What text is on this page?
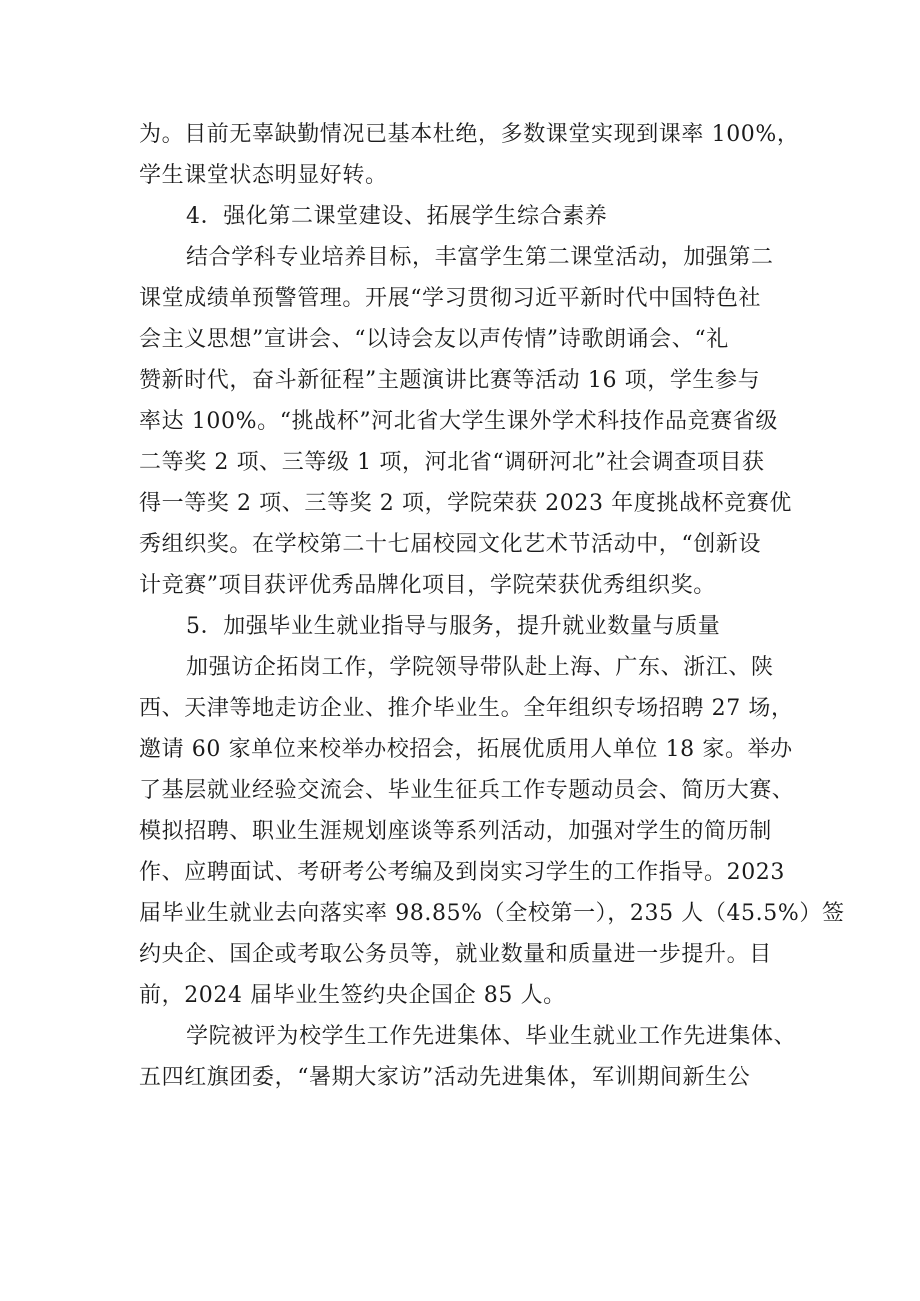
为。目前无辜缺勤情况已基本杜绝，多数课堂实现到课率 100%，
学生课堂状态明显好转。
4．强化第二课堂建设、拓展学生综合素养
结合学科专业培养目标，丰富学生第二课堂活动，加强第二
课堂成绩单预警管理。开展“学习贯彻习近平新时代中国特色社
会主义思想”宣讲会、“以诗会友以声传情”诗歌朗诵会、“礼
赞新时代，奋斗新征程”主题演讲比赛等活动 16 项，学生参与
率达 100%。“挑战杯”河北省大学生课外学术科技作品竞赛省级
二等奖 2 项、三等级 1 项，河北省“调研河北”社会调查项目获
得一等奖 2 项、三等奖 2 项，学院荣获 2023 年度挑战杯竞赛优
秀组织奖。在学校第二十七届校园文化艺术节活动中，“创新设
计竞赛”项目获评优秀品牌化项目，学院荣获优秀组织奖。
5．加强毕业生就业指导与服务，提升就业数量与质量
加强访企拓岗工作，学院领导带队赴上海、广东、浙江、陕
西、天津等地走访企业、推介毕业生。全年组织专场招聘 27 场，
邀请 60 家单位来校举办校招会，拓展优质用人单位 18 家。举办
了基层就业经验交流会、毕业生征兵工作专题动员会、简历大赛、
模拟招聘、职业生涯规划座谈等系列活动，加强对学生的简历制
作、应聘面试、考研考公考编及到岗实习学生的工作指导。2023
届毕业生就业去向落实率 98.85%（全校第一），235 人（45.5%）签
约央企、国企或考取公务员等，就业数量和质量进一步提升。目
前，2024 届毕业生签约央企国企 85 人。
学院被评为校学生工作先进集体、毕业生就业工作先进集体、
五四红旗团委，“暑期大家访”活动先进集体，军训期间新生公
